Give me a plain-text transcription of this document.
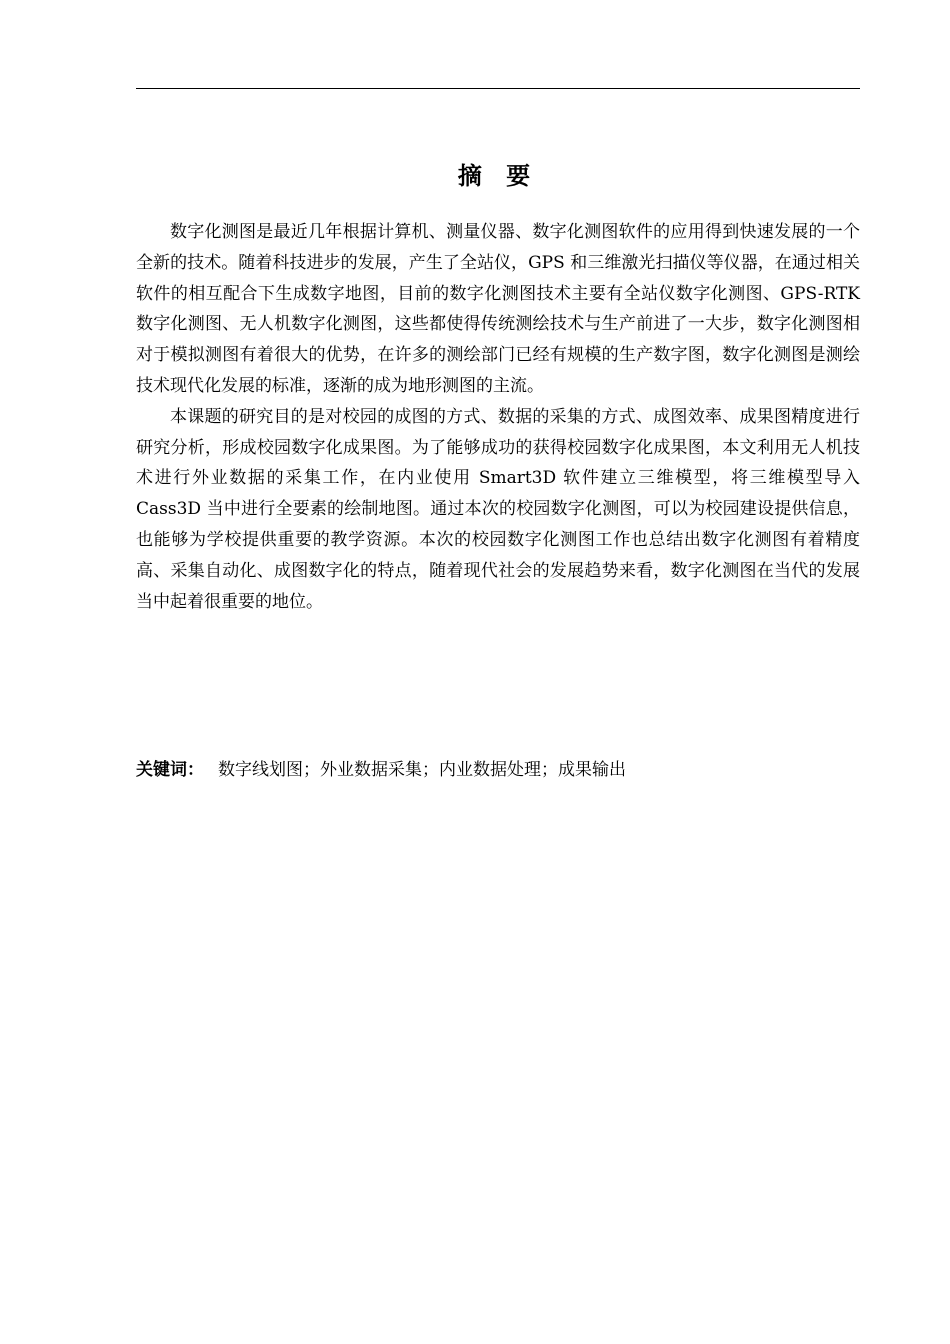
摘 要

数字化测图是最近几年根据计算机、测量仪器、数字化测图软件的应用得到快速发展的一个全新的技术。随着科技进步的发展，产生了全站仪，GPS 和三维激光扫描仪等仪器，在通过相关软件的相互配合下生成数字地图，目前的数字化测图技术主要有全站仪数字化测图、GPS-RTK 数字化测图、无人机数字化测图，这些都使得传统测绘技术与生产前进了一大步，数字化测图相对于模拟测图有着很大的优势，在许多的测绘部门已经有规模的生产数字图，数字化测图是测绘技术现代化发展的标准，逐渐的成为地形测图的主流。

本课题的研究目的是对校园的成图的方式、数据的采集的方式、成图效率、成果图精度进行研究分析，形成校园数字化成果图。为了能够成功的获得校园数字化成果图，本文利用无人机技术进行外业数据的采集工作，在内业使用 Smart3D 软件建立三维模型，将三维模型导入 Cass3D 当中进行全要素的绘制地图。通过本次的校园数字化测图，可以为校园建设提供信息，也能够为学校提供重要的教学资源。本次的校园数字化测图工作也总结出数字化测图有着精度高、采集自动化、成图数字化的特点，随着现代社会的发展趋势来看，数字化测图在当代的发展当中起着很重要的地位。

关键词： 数字线划图；外业数据采集；内业数据处理；成果输出
